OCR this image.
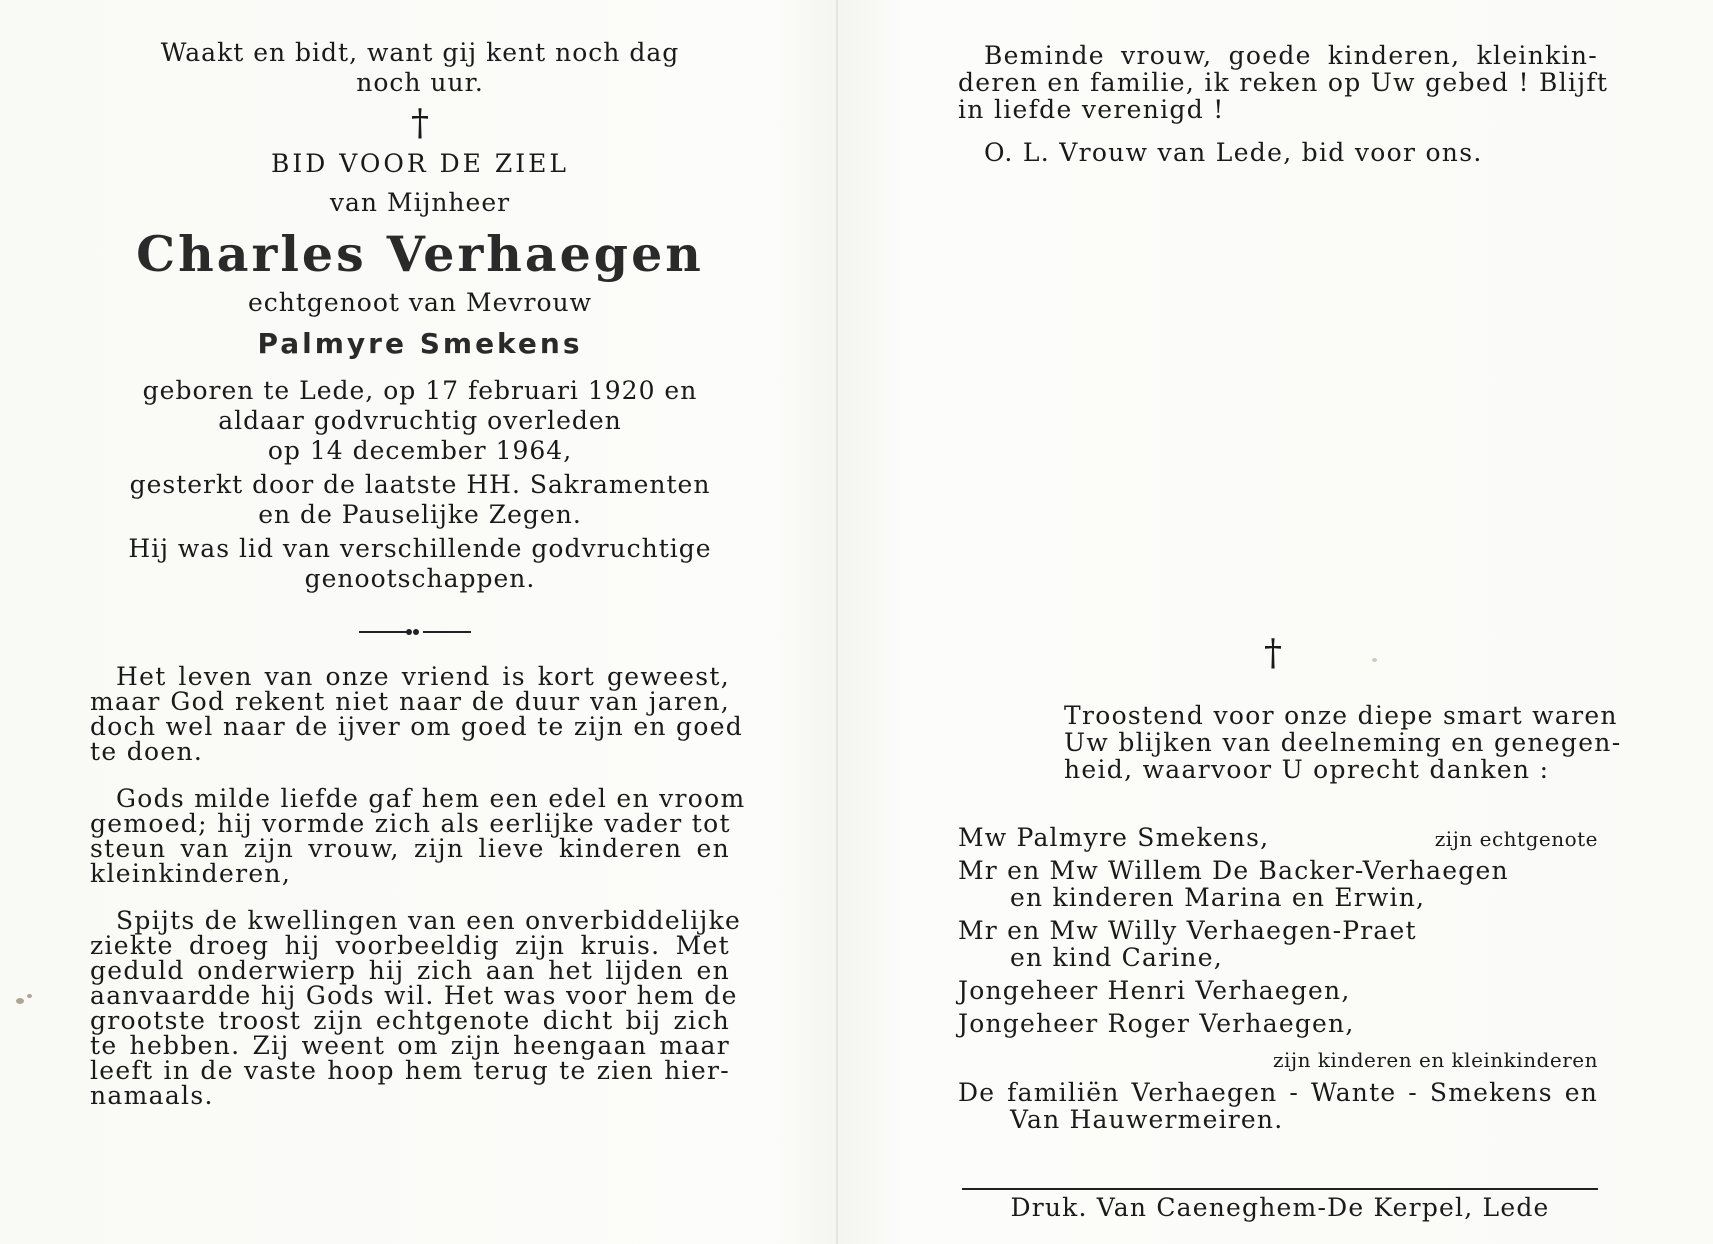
Waakt en bidt, want gij kent noch dag
noch uur.
†
BID VOOR DE ZIEL
van Mijnheer
Charles Verhaegen
echtgenoot van Mevrouw
Palmyre Smekens
geboren te Lede, op 17 februari 1920 en
aldaar godvruchtig overleden
op 14 december 1964,
gesterkt door de laatste HH. Sakramenten
en de Pauselijke Zegen.
Hij was lid van verschillende godvruchtige
genootschappen.
Het leven van onze vriend is kort geweest,
maar God rekent niet naar de duur van jaren,
doch wel naar de ijver om goed te zijn en goed
te doen.
Gods milde liefde gaf hem een edel en vroom
gemoed; hij vormde zich als eerlijke vader tot
steun van zijn vrouw, zijn lieve kinderen en
kleinkinderen,
Spijts de kwellingen van een onverbiddelijke
ziekte droeg hij voorbeeldig zijn kruis. Met
geduld onderwierp hij zich aan het lijden en
aanvaardde hij Gods wil. Het was voor hem de
grootste troost zijn echtgenote dicht bij zich
te hebben. Zij weent om zijn heengaan maar
leeft in de vaste hoop hem terug te zien hier-
namaals.
Beminde vrouw, goede kinderen, kleinkin-
deren en familie, ik reken op Uw gebed ! Blijft
in liefde verenigd !
O. L. Vrouw van Lede, bid voor ons.
†
Troostend voor onze diepe smart waren
Uw blijken van deelneming en genegen-
heid, waarvoor U oprecht danken :
Mw Palmyre Smekens,	zijn echtgenote
Mr en Mw Willem De Backer-Verhaegen
en kinderen Marina en Erwin,
Mr en Mw Willy Verhaegen-Praet
en kind Carine,
Jongeheer Henri Verhaegen,
Jongeheer Roger Verhaegen,
zijn kinderen en kleinkinderen
De familiën Verhaegen - Wante - Smekens en
Van Hauwermeiren.
Druk. Van Caeneghem-De Kerpel, Lede
